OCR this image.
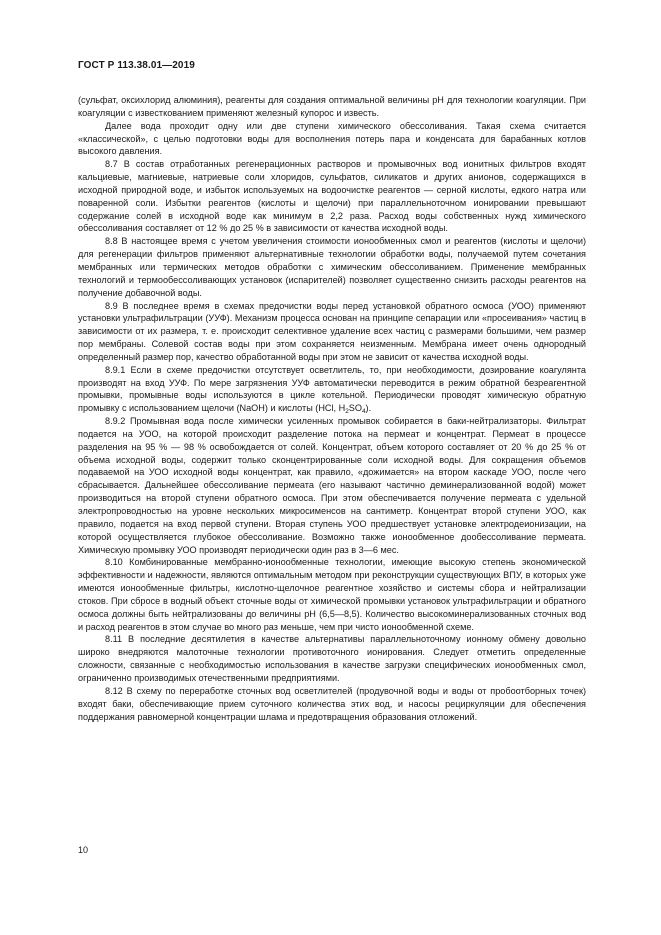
ГОСТ Р 113.38.01—2019

(сульфат, оксихлорид алюминия), реагенты для создания оптимальной величины pH для технологии коагуляции. При коагуляции с известкованием применяют железный купорос и известь.

Далее вода проходит одну или две ступени химического обессоливания. Такая схема считается «классической», с целью подготовки воды для восполнения потерь пара и конденсата для барабанных котлов высокого давления.

8.7 В состав отработанных регенерационных растворов и промывочных вод ионитных фильтров входят кальциевые, магниевые, натриевые соли хлоридов, сульфатов, силикатов и других анионов, содержащихся в исходной природной воде, и избыток используемых на водоочистке реагентов — серной кислоты, едкого натра или поваренной соли. Избытки реагентов (кислоты и щелочи) при параллельноточном ионировании превышают содержание солей в исходной воде как минимум в 2,2 раза. Расход воды собственных нужд химического обессоливания составляет от 12 % до 25 % в зависимости от качества исходной воды.

8.8 В настоящее время с учетом увеличения стоимости ионообменных смол и реагентов (кислоты и щелочи) для регенерации фильтров применяют альтернативные технологии обработки воды, получаемой путем сочетания мембранных или термических методов обработки с химическим обессоливанием. Применение мембранных технологий и термообессоливающих установок (испарителей) позволяет существенно снизить расходы реагентов на получение добавочной воды.

8.9 В последнее время в схемах предочистки воды перед установкой обратного осмоса (УОО) применяют установки ультрафильтрации (УУФ). Механизм процесса основан на принципе сепарации или «просеивания» частиц в зависимости от их размера, т. е. происходит селективное удаление всех частиц с размерами большими, чем размер пор мембраны. Солевой состав воды при этом сохраняется неизменным. Мембрана имеет очень однородный определенный размер пор, качество обработанной воды при этом не зависит от качества исходной воды.

8.9.1 Если в схеме предочистки отсутствует осветлитель, то, при необходимости, дозирование коагулянта производят на вход УУФ. По мере загрязнения УУФ автоматически переводится в режим обратной безреагентной промывки, промывные воды используются в цикле котельной. Периодически проводят химическую обратную промывку с использованием щелочи (NaOH) и кислоты (HCl, $H_2SO_4$).

8.9.2 Промывная вода после химически усиленных промывок собирается в баки-нейтрализаторы. Фильтрат подается на УОО, на которой происходит разделение потока на пермеат и концентрат. Пермеат в процессе разделения на 95 % — 98 % освобождается от солей. Концентрат, объем которого составляет от 20 % до 25 % от объема исходной воды, содержит только сконцентрированные соли исходной воды. Для сокращения объемов подаваемой на УОО исходной воды концентрат, как правило, «дожимается» на втором каскаде УОО, после чего сбрасывается. Дальнейшее обессоливание пермеата (его называют частично деминерализованной водой) может производиться на второй ступени обратного осмоса. При этом обеспечивается получение пермеата с удельной электропроводностью на уровне нескольких микросименсов на сантиметр. Концентрат второй ступени УОО, как правило, подается на вход первой ступени. Вторая ступень УОО предшествует установке электродеионизации, на которой осуществляется глубокое обессоливание. Возможно также ионообменное дообессоливание пермеата. Химическую промывку УОО производят периодически один раз в 3—6 мес.

8.10 Комбинированные мембранно-ионообменные технологии, имеющие высокую степень экономической эффективности и надежности, являются оптимальным методом при реконструкции существующих ВПУ, в которых уже имеются ионообменные фильтры, кислотно-щелочное реагентное хозяйство и системы сбора и нейтрализации стоков. При сбросе в водный объект сточные воды от химической промывки установок ультрафильтрации и обратного осмоса должны быть нейтрализованы до величины pH (6,5—8,5). Количество высокоминерализованных сточных вод и расход реагентов в этом случае во много раз меньше, чем при чисто ионообменной схеме.

8.11 В последние десятилетия в качестве альтернативы параллельноточному ионному обмену довольно широко внедряются малоточные технологии противоточного ионирования. Следует отметить определенные сложности, связанные с необходимостью использования в качестве загрузки специфических ионообменных смол, ограниченно производимых отечественными предприятиями.

8.12 В схему по переработке сточных вод осветлителей (продувочной воды и воды от пробоотборных точек) входят баки, обеспечивающие прием суточного количества этих вод, и насосы рециркуляции для обеспечения поддержания равномерной концентрации шлама и предотвращения образования отложений.

10
